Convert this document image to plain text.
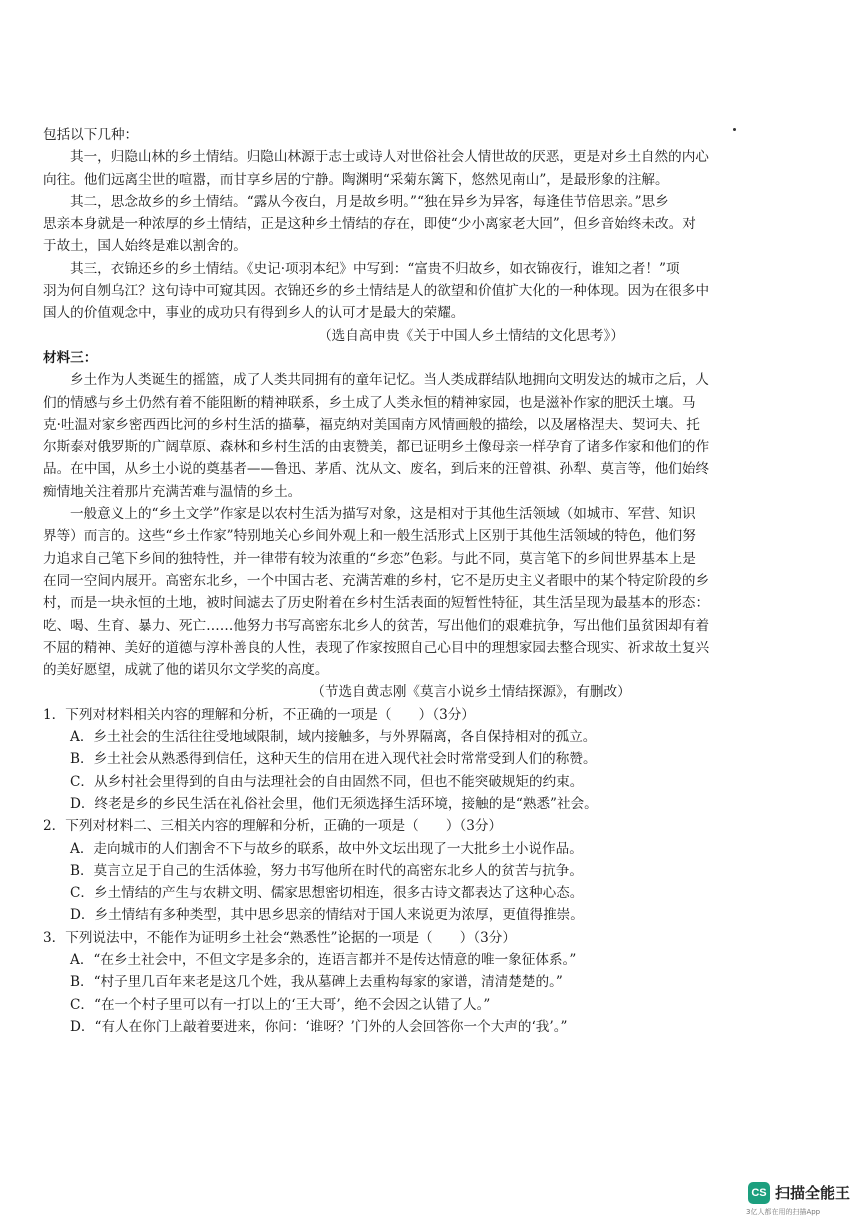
包括以下几种：
其一，归隐山林的乡土情结。归隐山林源于志士或诗人对世俗社会人情世故的厌恶，更是对乡土自然的内心
向往。他们远离尘世的喧嚣，而甘享乡居的宁静。陶渊明“采菊东篱下，悠然见南山”，是最形象的注解。
其二，思念故乡的乡土情结。“露从今夜白，月是故乡明。”“独在异乡为异客，每逢佳节倍思亲。”思乡
思亲本身就是一种浓厚的乡土情结，正是这种乡土情结的存在，即使“少小离家老大回”，但乡音始终未改。对
于故土，国人始终是难以割舍的。
其三，衣锦还乡的乡土情结。《史记·项羽本纪》中写到：“富贵不归故乡，如衣锦夜行，谁知之者！”项
羽为何自刎乌江？这句诗中可窥其因。衣锦还乡的乡土情结是人的欲望和价值扩大化的一种体现。因为在很多中
国人的价值观念中，事业的成功只有得到乡人的认可才是最大的荣耀。
（选自高申贵《关于中国人乡土情结的文化思考》）
材料三：
乡土作为人类诞生的摇篮，成了人类共同拥有的童年记忆。当人类成群结队地拥向文明发达的城市之后，人
们的情感与乡土仍然有着不能阻断的精神联系，乡土成了人类永恒的精神家园，也是滋补作家的肥沃土壤。马
克·吐温对家乡密西西比河的乡村生活的描摹，福克纳对美国南方风情画般的描绘，以及屠格涅夫、契诃夫、托
尔斯泰对俄罗斯的广阔草原、森林和乡村生活的由衷赞美，都已证明乡土像母亲一样孕育了诸多作家和他们的作
品。在中国，从乡土小说的奠基者——鲁迅、茅盾、沈从文、废名，到后来的汪曾祺、孙犁、莫言等，他们始终
痴情地关注着那片充满苦难与温情的乡土。
一般意义上的“乡土文学”作家是以农村生活为描写对象，这是相对于其他生活领域（如城市、军营、知识
界等）而言的。这些“乡土作家”特别地关心乡间外观上和一般生活形式上区别于其他生活领域的特色，他们努
力追求自己笔下乡间的独特性，并一律带有较为浓重的“乡恋”色彩。与此不同，莫言笔下的乡间世界基本上是
在同一空间内展开。高密东北乡，一个中国古老、充满苦难的乡村，它不是历史主义者眼中的某个特定阶段的乡
村，而是一块永恒的土地，被时间滤去了历史附着在乡村生活表面的短暂性特征，其生活呈现为最基本的形态：
吃、喝、生育、暴力、死亡……他努力书写高密东北乡人的贫苦，写出他们的艰难抗争，写出他们虽贫困却有着
不屈的精神、美好的道德与淳朴善良的人性，表现了作家按照自己心目中的理想家园去整合现实、祈求故土复兴
的美好愿望，成就了他的诺贝尔文学奖的高度。
（节选自黄志刚《莫言小说乡土情结探源》，有删改）
1．下列对材料相关内容的理解和分析，不正确的一项是（　　）（3分）
A．乡土社会的生活往往受地域限制，域内接触多，与外界隔离，各自保持相对的孤立。
B．乡土社会从熟悉得到信任，这种天生的信用在进入现代社会时常常受到人们的称赞。
C．从乡村社会里得到的自由与法理社会的自由固然不同，但也不能突破规矩的约束。
D．终老是乡的乡民生活在礼俗社会里，他们无须选择生活环境，接触的是“熟悉”社会。
2．下列对材料二、三相关内容的理解和分析，正确的一项是（　　）（3分）
A．走向城市的人们割舍不下与故乡的联系，故中外文坛出现了一大批乡土小说作品。
B．莫言立足于自己的生活体验，努力书写他所在时代的高密东北乡人的贫苦与抗争。
C．乡土情结的产生与农耕文明、儒家思想密切相连，很多古诗文都表达了这种心态。
D．乡土情结有多种类型，其中思乡思亲的情结对于国人来说更为浓厚，更值得推崇。
3．下列说法中，不能作为证明乡土社会“熟悉性”论据的一项是（　　）（3分）
A．“在乡土社会中，不但文字是多余的，连语言都并不是传达情意的唯一象征体系。”
B．“村子里几百年来老是这几个姓，我从墓碑上去重构每家的家谱，清清楚楚的。”
C．“在一个村子里可以有一打以上的‘王大哥’，绝不会因之认错了人。”
D．“有人在你门上敲着要进来，你问：‘谁呀？’门外的人会回答你一个大声的‘我’。”
CS 扫描全能王
3亿人都在用的扫描App
